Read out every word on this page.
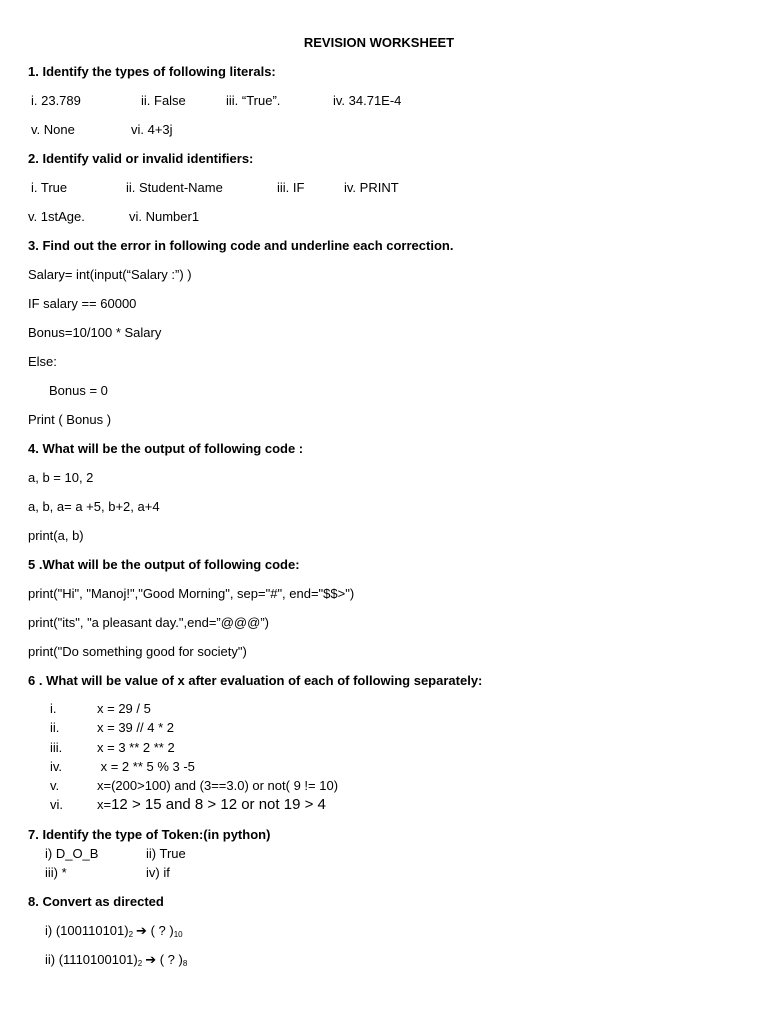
REVISION WORKSHEET
1. Identify the types of following literals:
i. 23.789	ii. False	iii. “True”.	iv. 34.71E-4
v. None	vi. 4+3j
2. Identify valid or invalid identifiers:
i. True	ii. Student-Name	iii. IF	iv. PRINT
v. 1stAge.	vi. Number1
3. Find out the error in following code and underline each correction.
Salary= int(input(“Salary :”) )
IF salary == 60000
Bonus=10/100 * Salary
Else:
Bonus = 0
Print ( Bonus )
4. What will be the output of following code :
a, b = 10, 2
a, b, a= a +5, b+2, a+4
print(a, b)
5 .What will be the output of following code:
print("Hi", "Manoj!","Good Morning", sep="#", end="$$>")
print("its", "a pleasant day.",end=”@@@”)
print("Do something good for society")
6 . What will be value of x after evaluation of each of following separately:
i.	x = 29 / 5
ii.	x = 39 // 4 * 2
iii.	x = 3 ** 2 ** 2
iv.	x = 2 ** 5 % 3 -5
v.	x=(200>100) and (3==3.0) or not( 9 != 10)
vi.	x=12 > 15 and 8 > 12 or not 19 > 4
7. Identify the type of Token:(in python)
i) D_O_B	ii) True
iii) *	iv) if
8. Convert as directed
i) $(100110101)_2$ ➔ ( ? )$_{10}$
ii) $(1110100101)_2$ ➔ ( ? )$_8$
